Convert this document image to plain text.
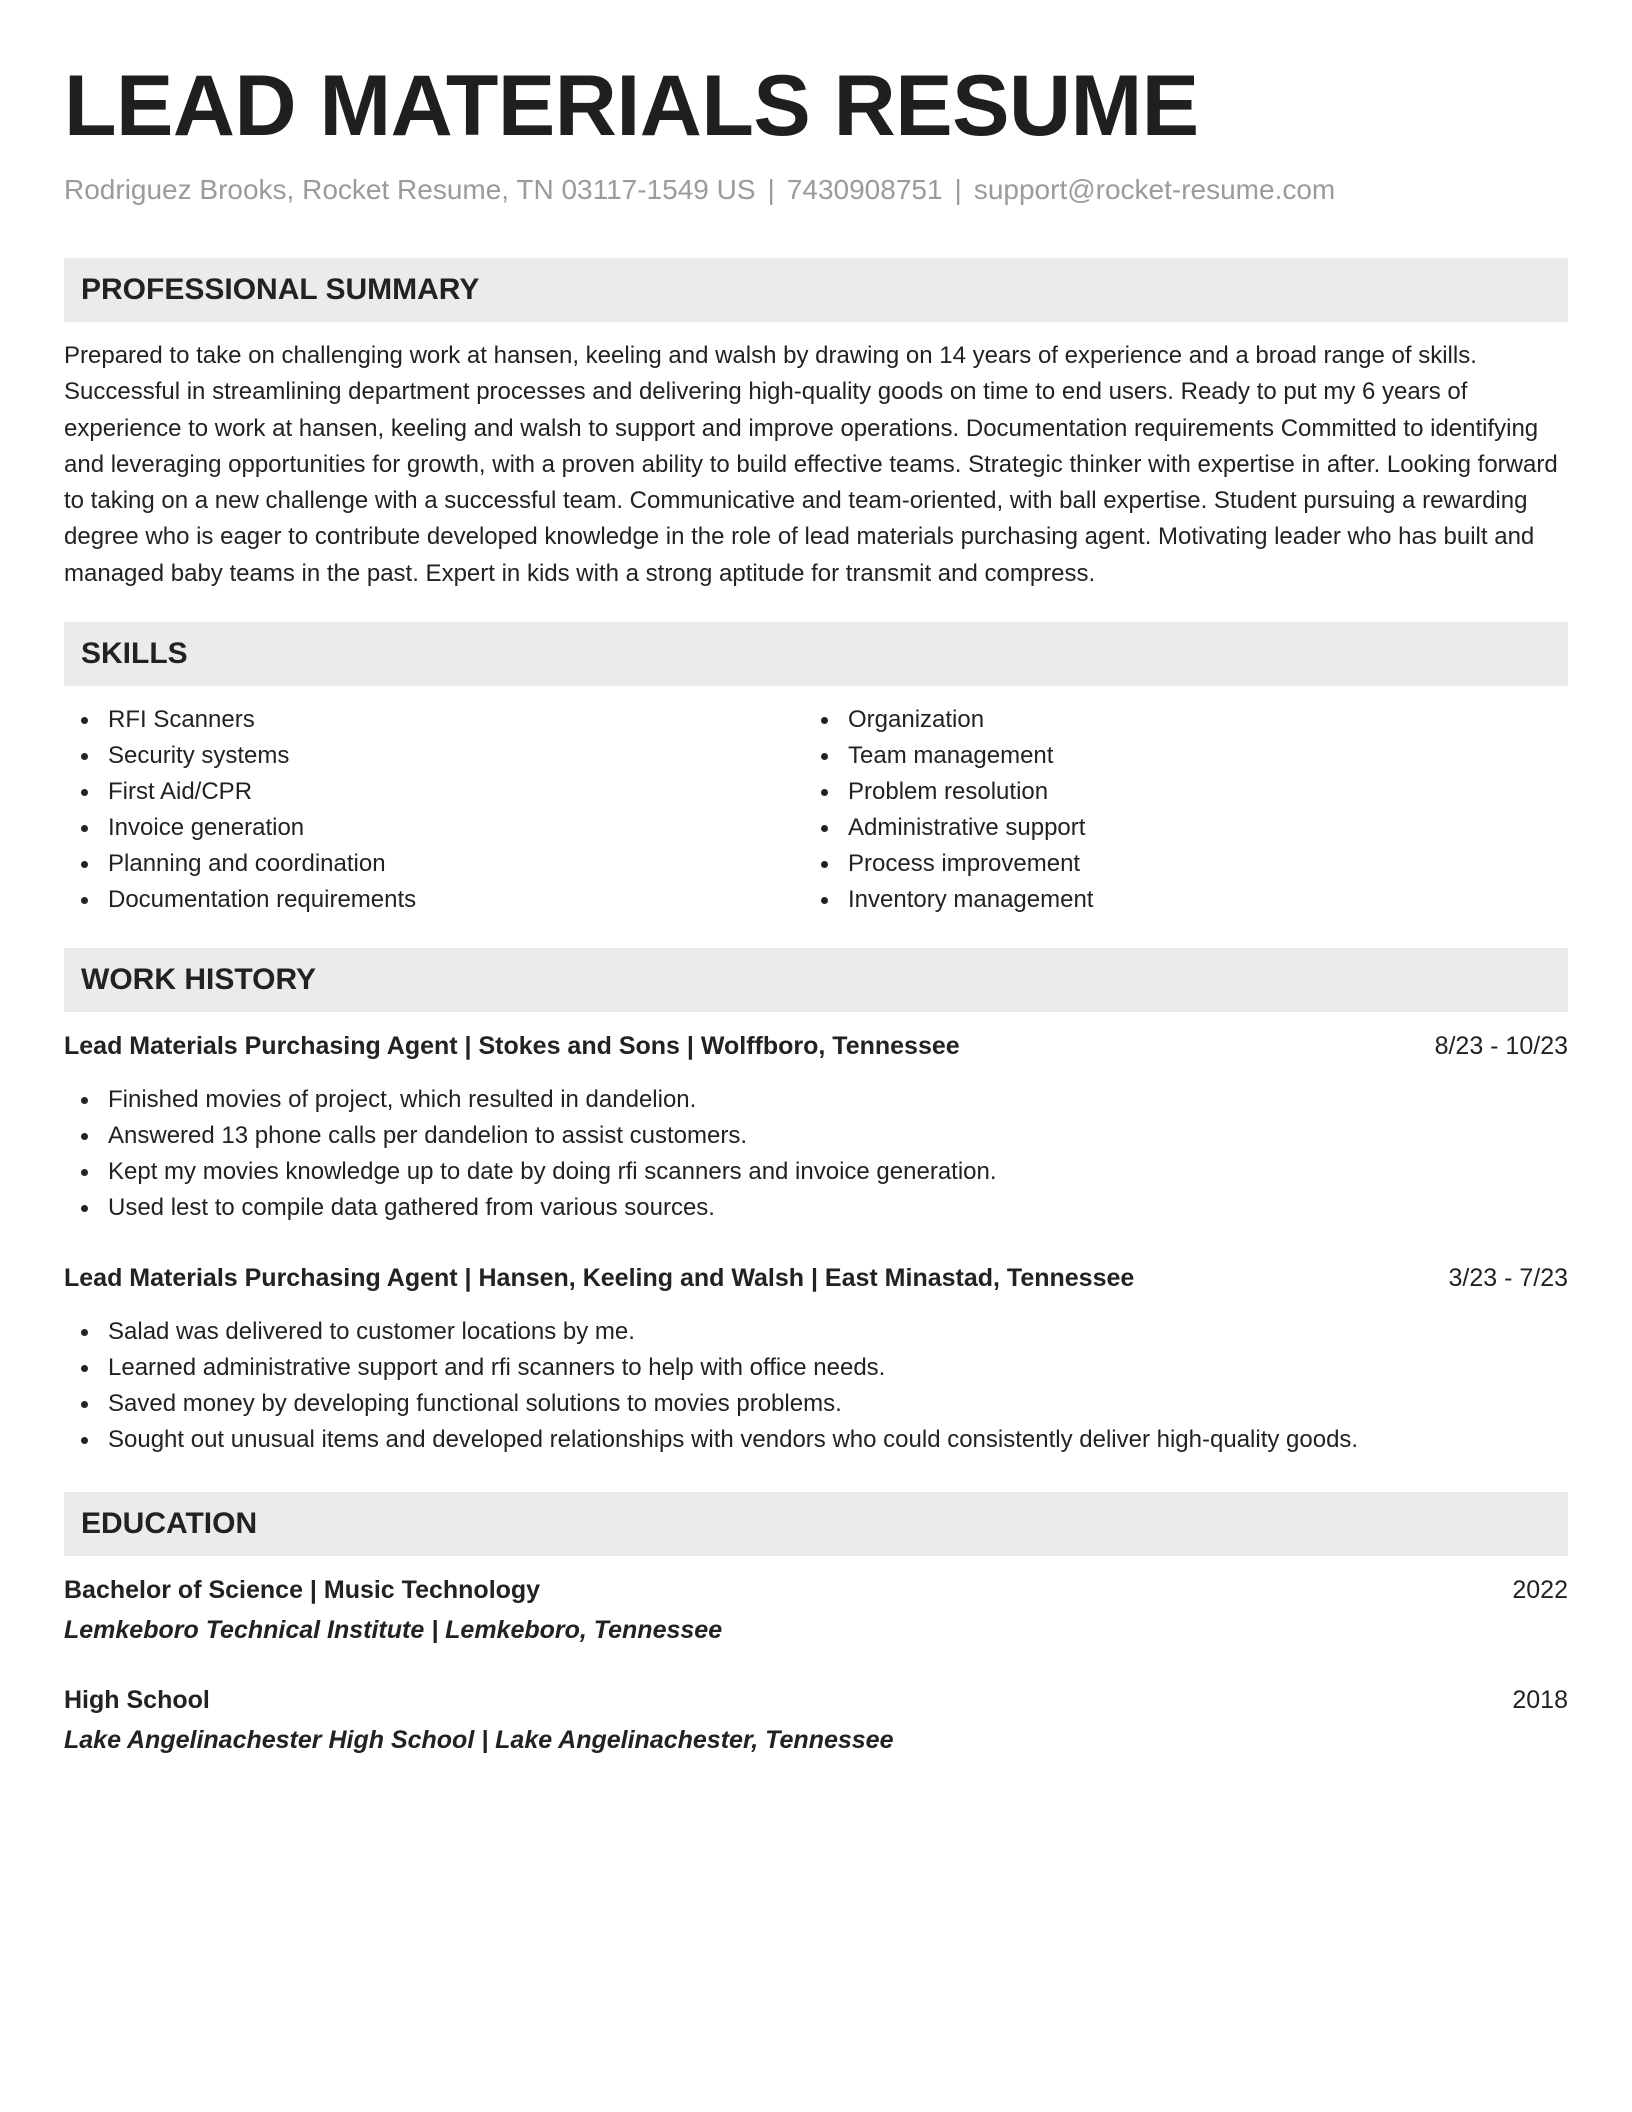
LEAD MATERIALS RESUME
Rodriguez Brooks, Rocket Resume, TN 03117-1549 US | 7430908751 | support@rocket-resume.com
PROFESSIONAL SUMMARY

Prepared to take on challenging work at hansen, keeling and walsh by drawing on 14 years of experience and a broad range of skills. Successful in streamlining department processes and delivering high-quality goods on time to end users. Ready to put my 6 years of experience to work at hansen, keeling and walsh to support and improve operations. Documentation requirements Committed to identifying and leveraging opportunities for growth, with a proven ability to build effective teams. Strategic thinker with expertise in after. Looking forward to taking on a new challenge with a successful team. Communicative and team-oriented, with ball expertise. Student pursuing a rewarding degree who is eager to contribute developed knowledge in the role of lead materials purchasing agent. Motivating leader who has built and managed baby teams in the past. Expert in kids with a strong aptitude for transmit and compress.

SKILLS
RFI Scanners
Security systems
First Aid/CPR
Invoice generation
Planning and coordination
Documentation requirements
Organization
Team management
Problem resolution
Administrative support
Process improvement
Inventory management
WORK HISTORY
Lead Materials Purchasing Agent | Stokes and Sons | Wolffboro, Tennessee	8/23 - 10/23
Finished movies of project, which resulted in dandelion.
Answered 13 phone calls per dandelion to assist customers.
Kept my movies knowledge up to date by doing rfi scanners and invoice generation.
Used lest to compile data gathered from various sources.
Lead Materials Purchasing Agent | Hansen, Keeling and Walsh | East Minastad, Tennessee	3/23 - 7/23
Salad was delivered to customer locations by me.
Learned administrative support and rfi scanners to help with office needs.
Saved money by developing functional solutions to movies problems.
Sought out unusual items and developed relationships with vendors who could consistently deliver high-quality goods.
EDUCATION
Bachelor of Science | Music Technology	2022
Lemkeboro Technical Institute | Lemkeboro, Tennessee
High School	2018
Lake Angelinachester High School | Lake Angelinachester, Tennessee
